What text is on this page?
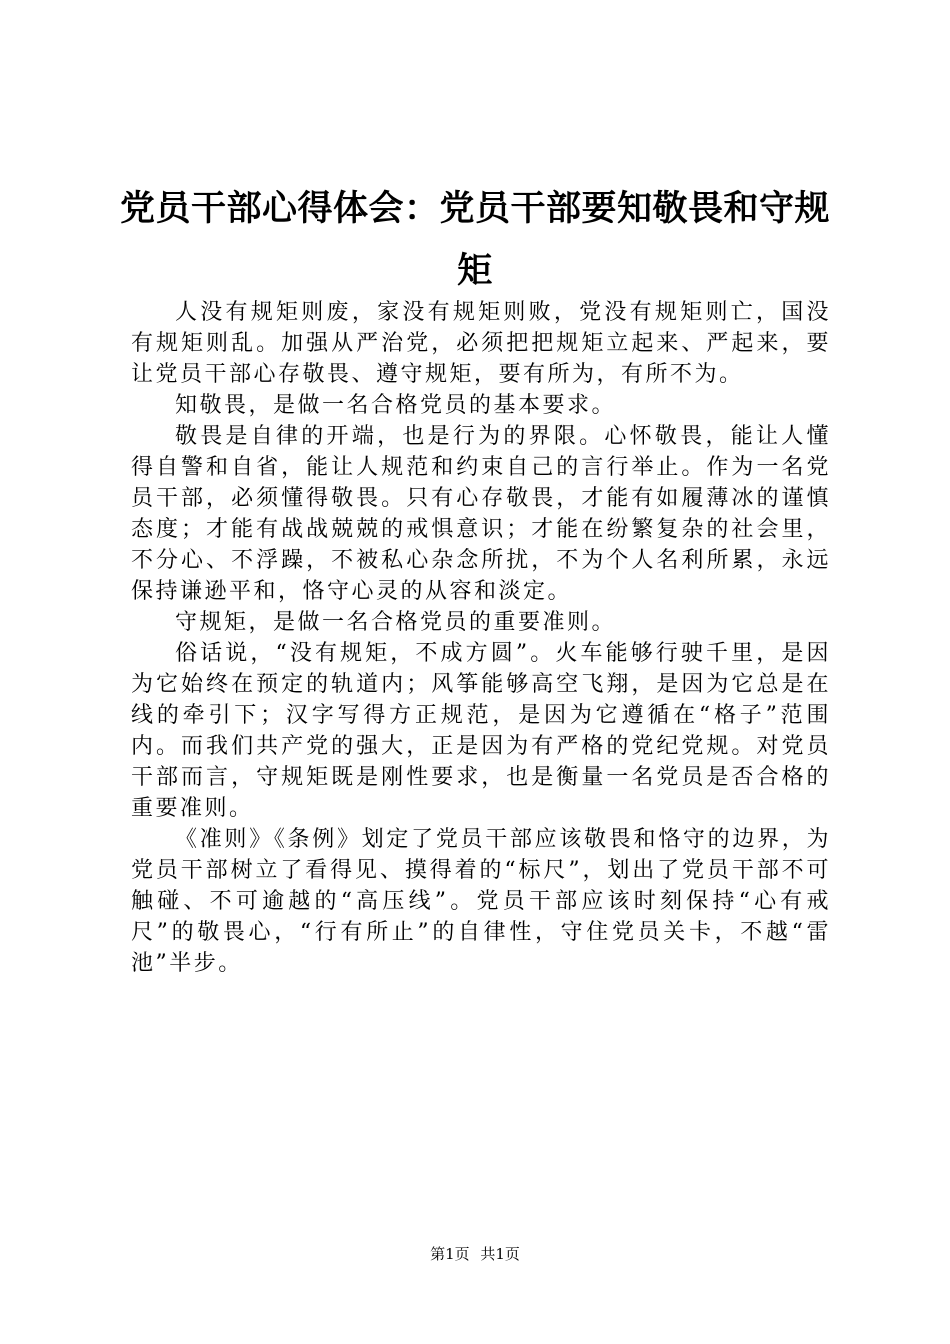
党员干部心得体会：党员干部要知敬畏和守规矩

人没有规矩则废，家没有规矩则败，党没有规矩则亡，国没有规矩则乱。加强从严治党，必须把把规矩立起来、严起来，要让党员干部心存敬畏、遵守规矩，要有所为，有所不为。

知敬畏，是做一名合格党员的基本要求。

敬畏是自律的开端，也是行为的界限。心怀敬畏，能让人懂得自警和自省，能让人规范和约束自己的言行举止。作为一名党员干部，必须懂得敬畏。只有心存敬畏，才能有如履薄冰的谨慎态度；才能有战战兢兢的戒惧意识；才能在纷繁复杂的社会里，不分心、不浮躁，不被私心杂念所扰，不为个人名利所累，永远保持谦逊平和，恪守心灵的从容和淡定。

守规矩，是做一名合格党员的重要准则。

俗话说，“没有规矩，不成方圆”。火车能够行驶千里，是因为它始终在预定的轨道内；风筝能够高空飞翔，是因为它总是在线的牵引下；汉字写得方正规范，是因为它遵循在“格子”范围内。而我们共产党的强大，正是因为有严格的党纪党规。对党员干部而言，守规矩既是刚性要求，也是衡量一名党员是否合格的重要准则。

《准则》《条例》划定了党员干部应该敬畏和恪守的边界，为党员干部树立了看得见、摸得着的“标尺”，划出了党员干部不可触碰、不可逾越的“高压线”。党员干部应该时刻保持“心有戒尺”的敬畏心，“行有所止”的自律性，守住党员关卡，不越“雷池”半步。

第1页 共1页
